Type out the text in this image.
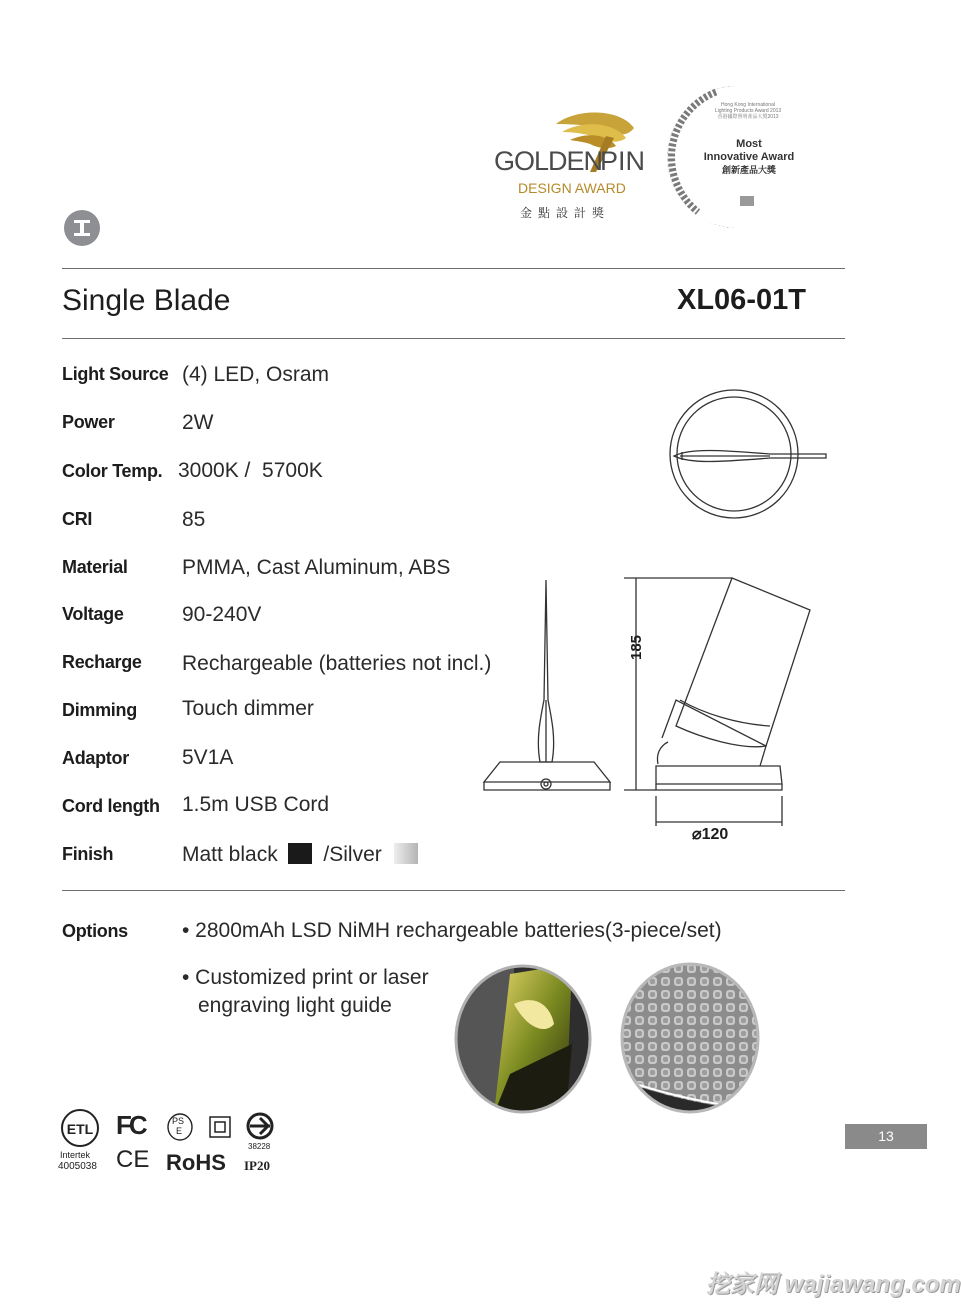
GOLDEN
PIN
DESIGN AWARD
金點設計獎
Hong Kong International
Lighting Products Award 2013
香港國際照明產品大獎2013
Most
Innovative Award
創新產品大獎
Single Blade	XL06-01T
Light Source
Power
Color Temp.
CRI
Material
Voltage
Recharge
Dimming
Adaptor
Cord length
Finish
(4) LED, Osram
2W
3000K /  5700K
85
PMMA, Cast Aluminum, ABS
90-240V
Rechargeable (batteries not incl.)
Touch dimmer
5V1A
1.5m USB Cord
Matt black /Silver
185
⌀120
Options	• 2800mAh LSD NiMH rechargeable batteries(3-piece/set)
• Customized print or laser
engraving light guide
ETL
Intertek
4005038
FC
CE RoHS
PS
E
38228
IP20
13
挖家网 wajiawang.com
